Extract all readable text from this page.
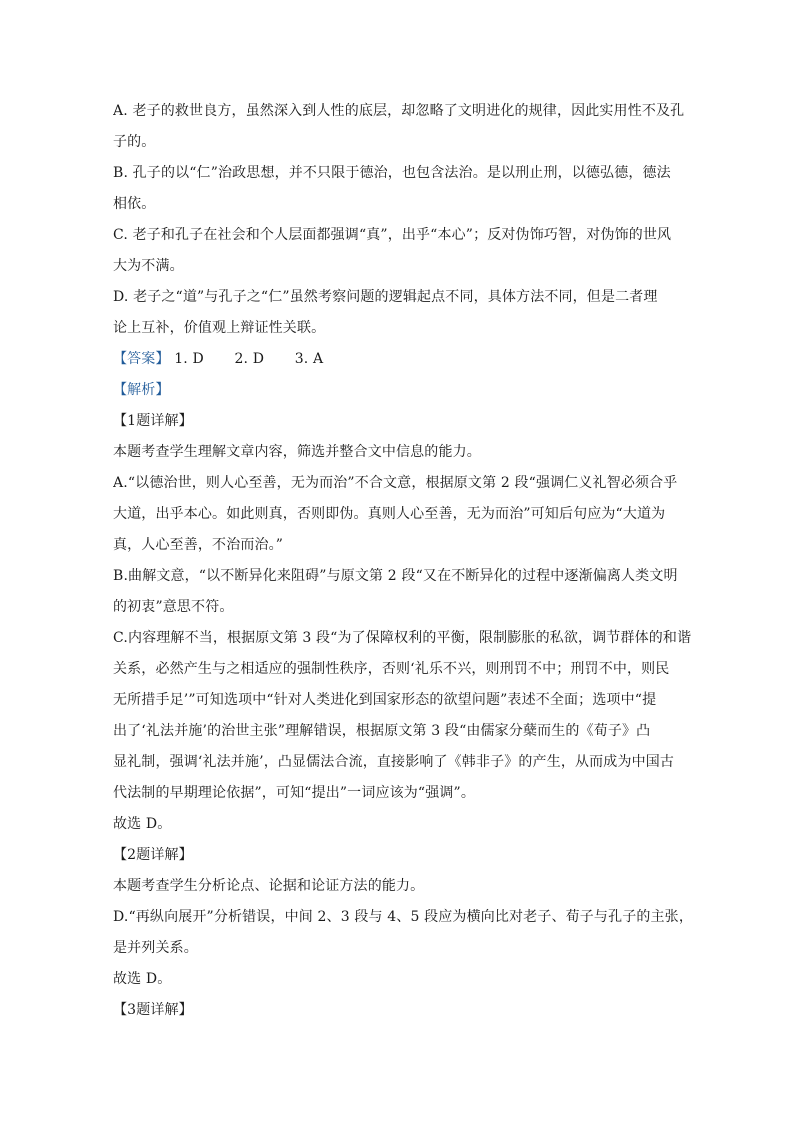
A. 老子的救世良方，虽然深入到人性的底层，却忽略了文明进化的规律，因此实用性不及孔
子的。
B. 孔子的以“仁”治政思想，并不只限于德治，也包含法治。是以刑止刑，以德弘德，德法
相依。
C. 老子和孔子在社会和个人层面都强调“真”，出乎“本心”；反对伪饰巧智，对伪饰的世风
大为不满。
D. 老子之“道”与孔子之“仁”虽然考察问题的逻辑起点不同，具体方法不同，但是二者理
论上互补，价值观上辩证性关联。
【答案】 1. D 2. D 3. A
【解析】
【1题详解】
本题考查学生理解文章内容，筛选并整合文中信息的能力。
A.“以德治世，则人心至善，无为而治”不合文意，根据原文第 2 段“强调仁义礼智必须合乎
大道，出乎本心。如此则真，否则即伪。真则人心至善，无为而治”可知后句应为“大道为
真，人心至善，不治而治。”
B.曲解文意，“以不断异化来阻碍”与原文第 2 段“又在不断异化的过程中逐渐偏离人类文明
的初衷”意思不符。
C.内容理解不当，根据原文第 3 段“为了保障权利的平衡，限制膨胀的私欲，调节群体的和谐
关系，必然产生与之相适应的强制性秩序，否则‘礼乐不兴，则刑罚不中；刑罚不中，则民
无所措手足’”可知选项中“针对人类进化到国家形态的欲望问题”表述不全面；选项中“提
出了‘礼法并施’的治世主张”理解错误，根据原文第 3 段“由儒家分蘖而生的《荀子》凸
显礼制，强调‘礼法并施’，凸显儒法合流，直接影响了《韩非子》的产生，从而成为中国古
代法制的早期理论依据”，可知“提出”一词应该为“强调”。
故选 D。
【2题详解】
本题考查学生分析论点、论据和论证方法的能力。
D.“再纵向展开”分析错误，中间 2、3 段与 4、5 段应为横向比对老子、荀子与孔子的主张，
是并列关系。
故选 D。
【3题详解】
